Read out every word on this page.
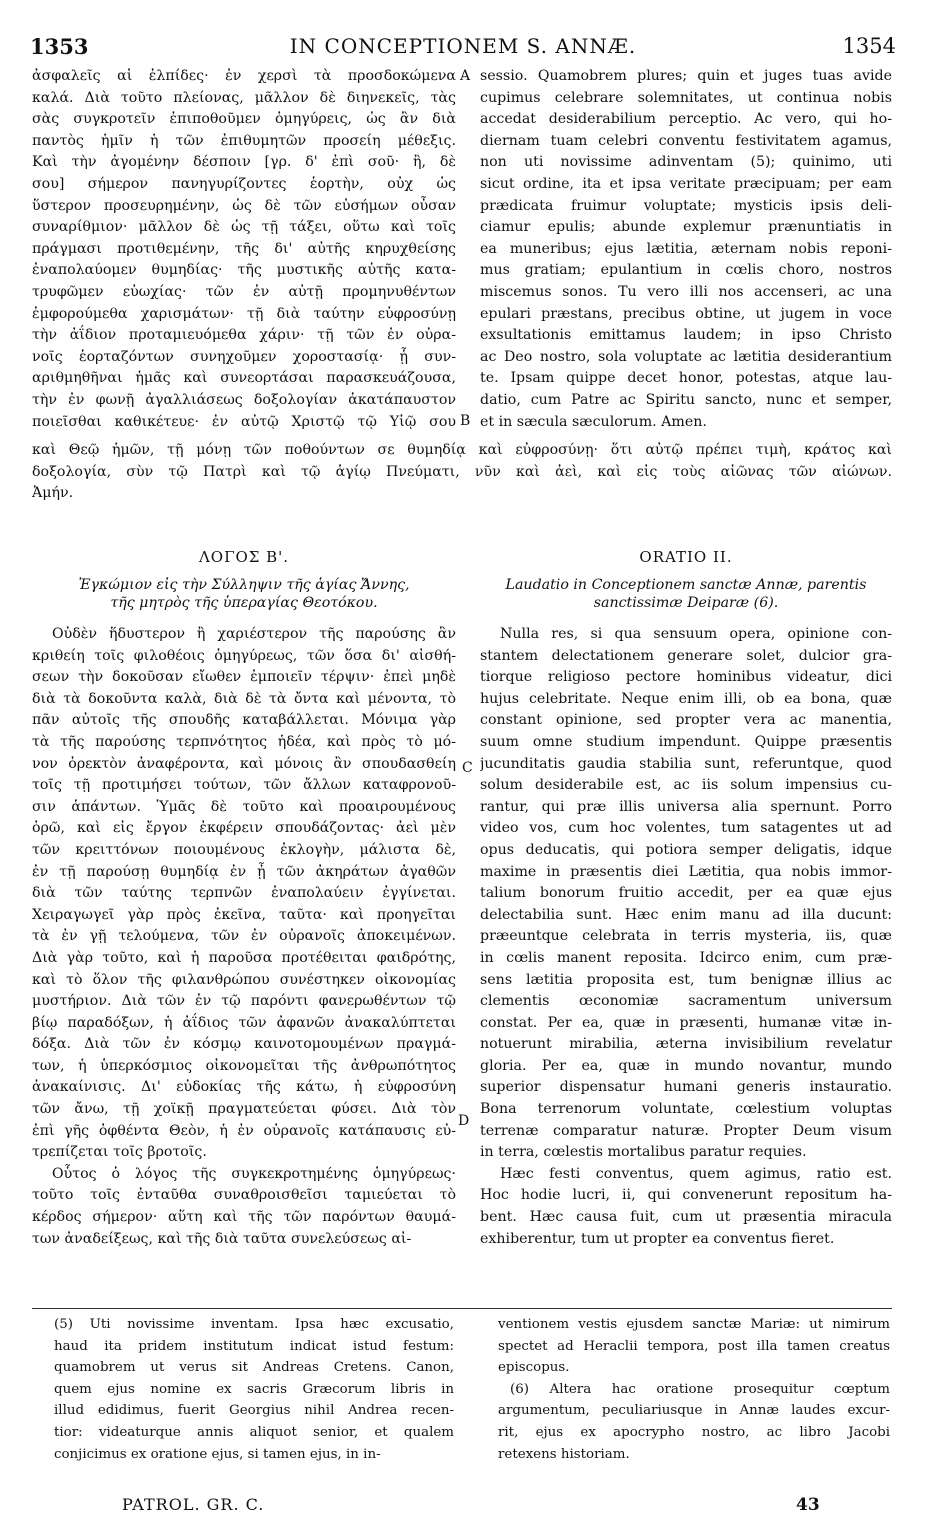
1353	IN CONCEPTIONEM S. ANNÆ.	1354
ἀσφαλεῖς αἱ ἐλπίδες· ἐν χερσὶ τὰ προσδοκώμενα
καλά. Διὰ τοῦτο πλείονας, μᾶλλον δὲ διηνεκεῖς, τὰς
σὰς συγκροτεῖν ἐπιποθοῦμεν ὁμηγύρεις, ὡς ἂν διὰ
παντὸς ἡμῖν ἡ τῶν ἐπιθυμητῶν προσείη μέθεξις.
Καὶ τὴν ἀγομένην δέσποιν [γρ. δ' ἐπὶ σοῦ· ἢ, δὲ
σου] σήμερον πανηγυρίζοντες ἑορτὴν, οὐχ ὡς
ὕστερον προσευρημένην, ὡς δὲ τῶν εὐσήμων οὖσαν
συναρίθμιον· μᾶλλον δὲ ὡς τῇ τάξει, οὕτω καὶ τοῖς
πράγμασι προτιθεμένην, τῆς δι' αὐτῆς κηρυχθείσης
ἐναπολαύομεν θυμηδίας· τῆς μυστικῆς αὐτῆς κατα-
τρυφῶμεν εὐωχίας· τῶν ἐν αὐτῇ προμηνυθέντων
ἐμφορούμεθα χαρισμάτων· τῇ διὰ ταύτην εὐφροσύνῃ
τὴν ἀΐδιον προταμιευόμεθα χάριν· τῇ τῶν ἐν οὐρα-
νοῖς ἑορταζόντων συνηχοῦμεν χοροστασίᾳ· ᾗ συν-
αριθμηθῆναι ἡμᾶς καὶ συνεορτάσαι παρασκευάζουσα,
τὴν ἐν φωνῇ ἀγαλλιάσεως δοξολογίαν ἀκατάπαυστον
ποιεῖσθαι καθικέτευε· ἐν αὐτῷ Χριστῷ τῷ Υἱῷ σου
sessio. Quamobrem plures; quin et juges tuas avide
cupimus celebrare solemnitates, ut continua nobis
accedat desiderabilium perceptio. Ac vero, qui ho-
diernam tuam celebri conventu festivitatem agamus,
non uti novissime adinventam (5); quinimo, uti
sicut ordine, ita et ipsa veritate præcipuam; per eam
prædicata fruimur voluptate; mysticis ipsis deli-
ciamur epulis; abunde explemur prænuntiatis in
ea muneribus; ejus lætitia, æternam nobis reponi-
mus gratiam; epulantium in cœlis choro, nostros
miscemus sonos. Tu vero illi nos accenseri, ac una
epulari præstans, precibus obtine, ut jugem in voce
exsultationis emittamus laudem; in ipso Christo
ac Deo nostro, sola voluptate ac lætitia desiderantium
te. Ipsam quippe decet honor, potestas, atque lau-
datio, cum Patre ac Spiritu sancto, nunc et semper,
et in sæcula sæculorum. Amen.
A
B
C
D
καὶ Θεῷ ἡμῶν, τῇ μόνῃ τῶν ποθούντων σε θυμηδίᾳ καὶ εὐφροσύνῃ· ὅτι αὐτῷ πρέπει τιμὴ, κράτος καὶ
δοξολογία, σὺν τῷ Πατρὶ καὶ τῷ ἁγίῳ Πνεύματι, νῦν καὶ ἀεὶ, καὶ εἰς τοὺς αἰῶνας τῶν αἰώνων.
Ἀμήν.
ΛΟΓΟΣ Β'.	ORATIO II.
Ἐγκώμιον εἰς τὴν Σύλληψιν τῆς ἁγίας Ἄννης,
τῆς μητρὸς τῆς ὑπεραγίας Θεοτόκου.
Laudatio in Conceptionem sanctæ Annæ, parentis
sanctissimæ Deiparæ (6).
Οὐδὲν ἥδυστερον ἢ χαριέστερον τῆς παρούσης ἂν
κριθείη τοῖς φιλοθέοις ὁμηγύρεως, τῶν ὅσα δι' αἰσθή-
σεων τὴν δοκοῦσαν εἴωθεν ἐμποιεῖν τέρψιν· ἐπεὶ μηδὲ
διὰ τὰ δοκοῦντα καλὰ, διὰ δὲ τὰ ὄντα καὶ μένοντα, τὸ
πᾶν αὐτοῖς τῆς σπουδῆς καταβάλλεται. Μόνιμα γὰρ
τὰ τῆς παρούσης τερπνότητος ἡδέα, καὶ πρὸς τὸ μό-
νον ὀρεκτὸν ἀναφέροντα, καὶ μόνοις ἂν σπουδασθείη
τοῖς τῇ προτιμήσει τούτων, τῶν ἄλλων καταφρονοῦ-
σιν ἁπάντων. Ὑμᾶς δὲ τοῦτο καὶ προαιρουμένους
ὁρῶ, καὶ εἰς ἔργον ἐκφέρειν σπουδάζοντας· ἀεὶ μὲν
τῶν κρειττόνων ποιουμένους ἐκλογὴν, μάλιστα δὲ,
ἐν τῇ παρούσῃ θυμηδίᾳ ἐν ᾗ τῶν ἀκηράτων ἀγαθῶν
διὰ τῶν ταύτης τερπνῶν ἐναπολαύειν ἐγγίνεται.
Χειραγωγεῖ γὰρ πρὸς ἐκεῖνα, ταῦτα· καὶ προηγεῖται
τὰ ἐν γῇ τελούμενα, τῶν ἐν οὐρανοῖς ἀποκειμένων.
Διὰ γὰρ τοῦτο, καὶ ἡ παροῦσα προτέθειται φαιδρότης,
καὶ τὸ ὅλον τῆς φιλανθρώπου συνέστηκεν οἰκονομίας
μυστήριον. Διὰ τῶν ἐν τῷ παρόντι φανερωθέντων τῷ
βίῳ παραδόξων, ἡ ἀΐδιος τῶν ἀφανῶν ἀνακαλύπτεται
δόξα. Διὰ τῶν ἐν κόσμῳ καινοτομουμένων πραγμά-
των, ἡ ὑπερκόσμιος οἰκονομεῖται τῆς ἀνθρωπότητος
ἀνακαίνισις. Δι' εὐδοκίας τῆς κάτω, ἡ εὐφροσύνη
τῶν ἄνω, τῇ χοϊκῇ πραγματεύεται φύσει. Διὰ τὸν
ἐπὶ γῆς ὀφθέντα Θεὸν, ἡ ἐν οὐρανοῖς κατάπαυσις εὐ-
τρεπίζεται τοῖς βροτοῖς.
Οὗτος ὁ λόγος τῆς συγκεκροτημένης ὁμηγύρεως·
τοῦτο τοῖς ἐνταῦθα συναθροισθεῖσι ταμιεύεται τὸ
κέρδος σήμερον· αὕτη καὶ τῆς τῶν παρόντων θαυμά-
των ἀναδείξεως, καὶ τῆς διὰ ταῦτα συνελεύσεως αἰ-
Nulla res, si qua sensuum opera, opinione con-
stantem delectationem generare solet, dulcior gra-
tiorque religioso pectore hominibus videatur, dici
hujus celebritate. Neque enim illi, ob ea bona, quæ
constant opinione, sed propter vera ac manentia,
suum omne studium impendunt. Quippe præsentis
jucunditatis gaudia stabilia sunt, referuntque, quod
solum desiderabile est, ac iis solum impensius cu-
rantur, qui præ illis universa alia spernunt. Porro
video vos, cum hoc volentes, tum satagentes ut ad
opus deducatis, qui potiora semper deligatis, idque
maxime in præsentis diei Lætitia, qua nobis immor-
talium bonorum fruitio accedit, per ea quæ ejus
delectabilia sunt. Hæc enim manu ad illa ducunt:
præeuntque celebrata in terris mysteria, iis, quæ
in cœlis manent reposita. Idcirco enim, cum præ-
sens lætitia proposita est, tum benignæ illius ac
clementis œconomiæ sacramentum universum
constat. Per ea, quæ in præsenti, humanæ vitæ in-
notuerunt mirabilia, æterna invisibilium revelatur
gloria. Per ea, quæ in mundo novantur, mundo
superior dispensatur humani generis instauratio.
Bona terrenorum voluntate, cœlestium voluptas
terrenæ comparatur naturæ. Propter Deum visum
in terra, cœlestis mortalibus paratur requies.
Hæc festi conventus, quem agimus, ratio est.
Hoc hodie lucri, ii, qui convenerunt repositum ha-
bent. Hæc causa fuit, cum ut præsentia miracula
exhiberentur, tum ut propter ea conventus fieret.
(5) Uti novissime inventam. Ipsa hæc excusatio,
haud ita pridem institutum indicat istud festum:
quamobrem ut verus sit Andreas Cretens. Canon,
quem ejus nomine ex sacris Græcorum libris in
illud edidimus, fuerit Georgius nihil Andrea recen-
tior: videaturque annis aliquot senior, et qualem
conjicimus ex oratione ejus, si tamen ejus, in in-
ventionem vestis ejusdem sanctæ Mariæ: ut nimirum
spectet ad Heraclii tempora, post illa tamen creatus
episcopus.
(6) Altera hac oratione prosequitur cœptum
argumentum, peculiariusque in Annæ laudes excur-
rit, ejus ex apocrypho nostro, ac libro Jacobi
retexens historiam.
PATROL. GR. C.	43
